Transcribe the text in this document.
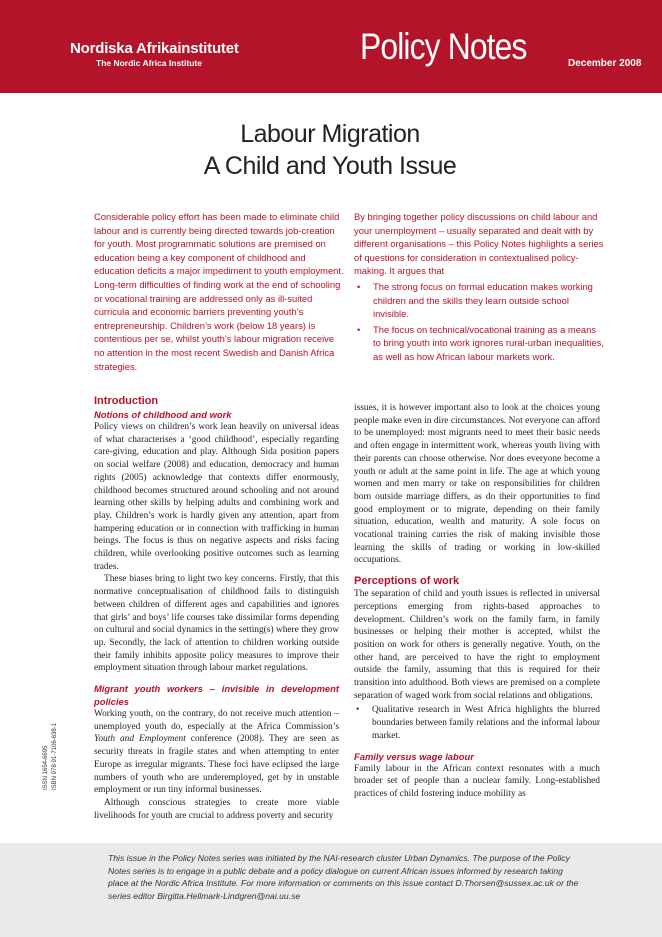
Nordiska Afrikainstitutet
The Nordic Africa Institute	Policy Notes	December 2008
Labour Migration
A Child and Youth Issue

Considerable policy effort has been made to eliminate child labour and is currently being directed towards job-creation for youth. Most programmatic solutions are premised on education being a key component of childhood and education deficits a major impediment to youth employment. Long-term difficulties of finding work at the end of schooling or vocational training are addressed only as ill-suited curricula and economic barriers preventing youth’s entrepreneurship. Children’s work (below 18 years) is contentious per se, whilst youth’s labour migration receive no attention in the most recent Swedish and Danish Africa strategies.

By bringing together policy discussions on child labour and your unemployment – usually separated and dealt with by different organisations – this Policy Notes highlights a series of questions for consideration in contextualised policy-making. It argues that

• The strong focus on formal education makes working children and the skills they learn outside school invisible.
• The focus on technical/vocational training as a means to bring youth into work ignores rural-urban inequalities, as well as how African labour markets work.
Introduction
Notions of childhood and work

Policy views on children’s work lean heavily on universal ideas of what characterises a ‘good childhood’, especially regarding care-giving, education and play. Although Sida position papers on social welfare (2008) and education, democracy and human rights (2005) acknowledge that contexts differ enormously, childhood becomes structured around schooling and not around learning other skills by helping adults and combining work and play. Children’s work is hardly given any attention, apart from hampering education or in connection with trafficking in human beings. The focus is thus on negative aspects and risks facing children, while overlooking positive outcomes such as learning trades.

These biases bring to light two key concerns. Firstly, that this normative conceptualisation of childhood fails to distinguish between children of different ages and capabilities and ignores that girls’ and boys’ life courses take dissimilar forms depending on cultural and social dynamics in the setting(s) where they grow up. Secondly, the lack of attention to children working outside their family inhibits apposite policy measures to improve their employment situation through labour market regulations.

Migrant youth workers – invisible in development policies

Working youth, on the contrary, do not receive much attention – unemployed youth do, especially at the Africa Commission’s Youth and Employment conference (2008). They are seen as security threats in fragile states and when attempting to enter Europe as irregular migrants. These foci have eclipsed the large numbers of youth who are underemployed, get by in unstable employment or run tiny informal businesses.

Although conscious strategies to create more viable livelihoods for youth are crucial to address poverty and security

issues, it is however important also to look at the choices young people make even in dire circumstances. Not everyone can afford to be unemployed: most migrants need to meet their basic needs and often engage in intermittent work, whereas youth living with their parents can choose otherwise. Nor does everyone become a youth or adult at the same point in life. The age at which young women and men marry or take on responsibilities for children born outside marriage differs, as do their opportunities to find good employment or to migrate, depending on their family situation, education, wealth and maturity. A sole focus on vocational training carries the risk of making invisible those learning the skills of trading or working in low-skilled occupations.

Perceptions of work

The separation of child and youth issues is reflected in universal perceptions emerging from rights-based approaches to development. Children’s work on the family farm, in family businesses or helping their mother is accepted, whilst the position on work for others is generally negative. Youth, on the other hand, are perceived to have the right to employment outside the family, assuming that this is required for their transition into adulthood. Both views are premised on a complete separation of waged work from social relations and obligations.

• Qualitative research in West Africa highlights the blurred boundaries between family relations and the informal labour market.
Family versus wage labour

Family labour in the African context resonates with a much broader set of people than a nuclear family. Long-established practices of child fostering induce mobility as

ISSN 1654-6695 ISBN 978-91-7106-638-1
This issue in the Policy Notes series was initiated by the NAI-research cluster Urban Dynamics. The purpose of the Policy Notes series is to engage in a public debate and a policy dialogue on current African issues informed by research taking place at the Nordic Africa Institute. For more information or comments on this issue contact D.Thorsen@sussex.ac.uk or the series editor Birgitta.Hellmark-Lindgren@nai.uu.se
